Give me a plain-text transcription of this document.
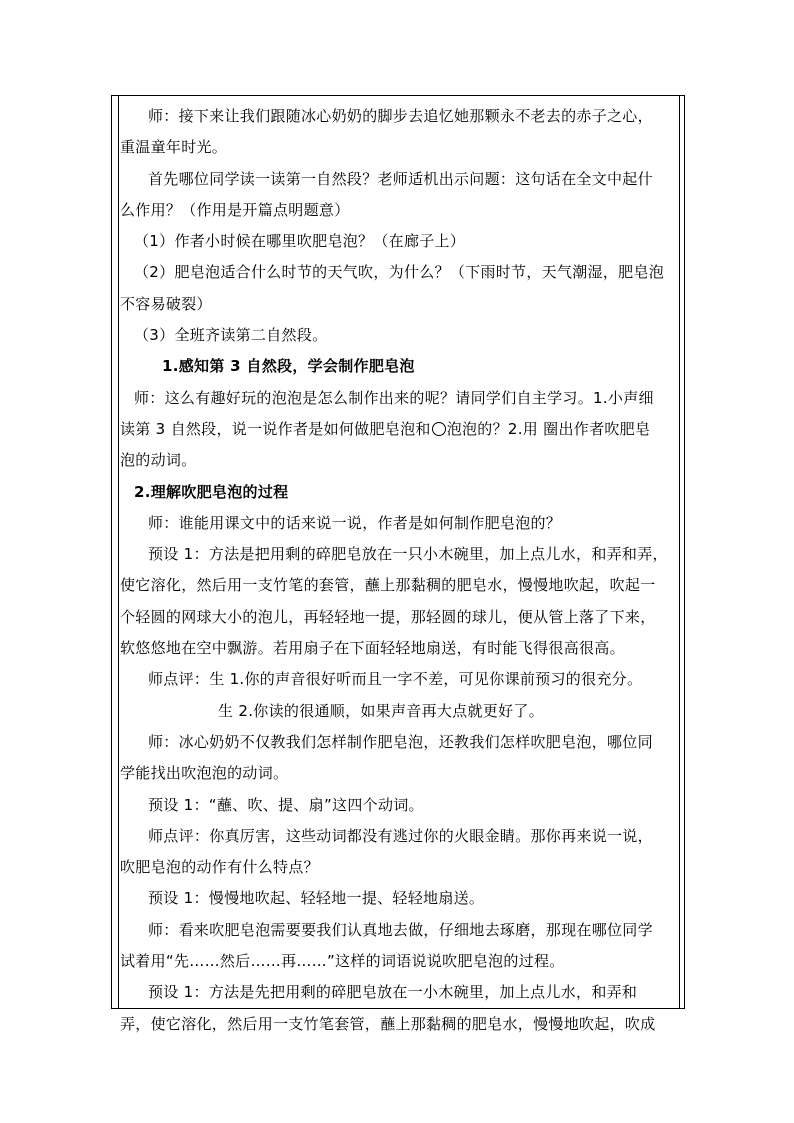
师：接下来让我们跟随冰心奶奶的脚步去追忆她那颗永不老去的赤子之心，
重温童年时光。
首先哪位同学读一读第一自然段？老师适机出示问题：这句话在全文中起什
么作用？（作用是开篇点明题意）
（1）作者小时候在哪里吹肥皂泡？（在廊子上）
（2）肥皂泡适合什么时节的天气吹，为什么？（下雨时节，天气潮湿，肥皂泡
不容易破裂）
（3）全班齐读第二自然段。
1.感知第 3 自然段，学会制作肥皂泡
师：这么有趣好玩的泡泡是怎么制作出来的呢？请同学们自主学习。1.小声细
读第 3 自然段，说一说作者是如何做肥皂泡和 泡泡的？2.用 圈出作者吹肥皂
泡的动词。
2.理解吹肥皂泡的过程
师：谁能用课文中的话来说一说，作者是如何制作肥皂泡的？
预设 1：方法是把用剩的碎肥皂放在一只小木碗里，加上点儿水，和弄和弄，
使它溶化，然后用一支竹笔的套管，蘸上那黏稠的肥皂水，慢慢地吹起，吹起一
个轻圆的网球大小的泡儿，再轻轻地一提，那轻圆的球儿，便从管上落了下来，
软悠悠地在空中飘游。若用扇子在下面轻轻地扇送，有时能飞得很高很高。
师点评：生 1.你的声音很好听而且一字不差，可见你课前预习的很充分。
生 2.你读的很通顺，如果声音再大点就更好了。
师：冰心奶奶不仅教我们怎样制作肥皂泡，还教我们怎样吹肥皂泡，哪位同
学能找出吹泡泡的动词。
预设 1：“蘸、吹、提、扇”这四个动词。
师点评：你真厉害，这些动词都没有逃过你的火眼金睛。那你再来说一说，
吹肥皂泡的动作有什么特点？
预设 1：慢慢地吹起、轻轻地一提、轻轻地扇送。
师：看来吹肥皂泡需要要我们认真地去做，仔细地去琢磨，那现在哪位同学
试着用“先……然后……再……”这样的词语说说吹肥皂泡的过程。
预设 1：方法是先把用剩的碎肥皂放在一小木碗里，加上点儿水，和弄和
弄，使它溶化，然后用一支竹笔套管，蘸上那黏稠的肥皂水，慢慢地吹起，吹成
